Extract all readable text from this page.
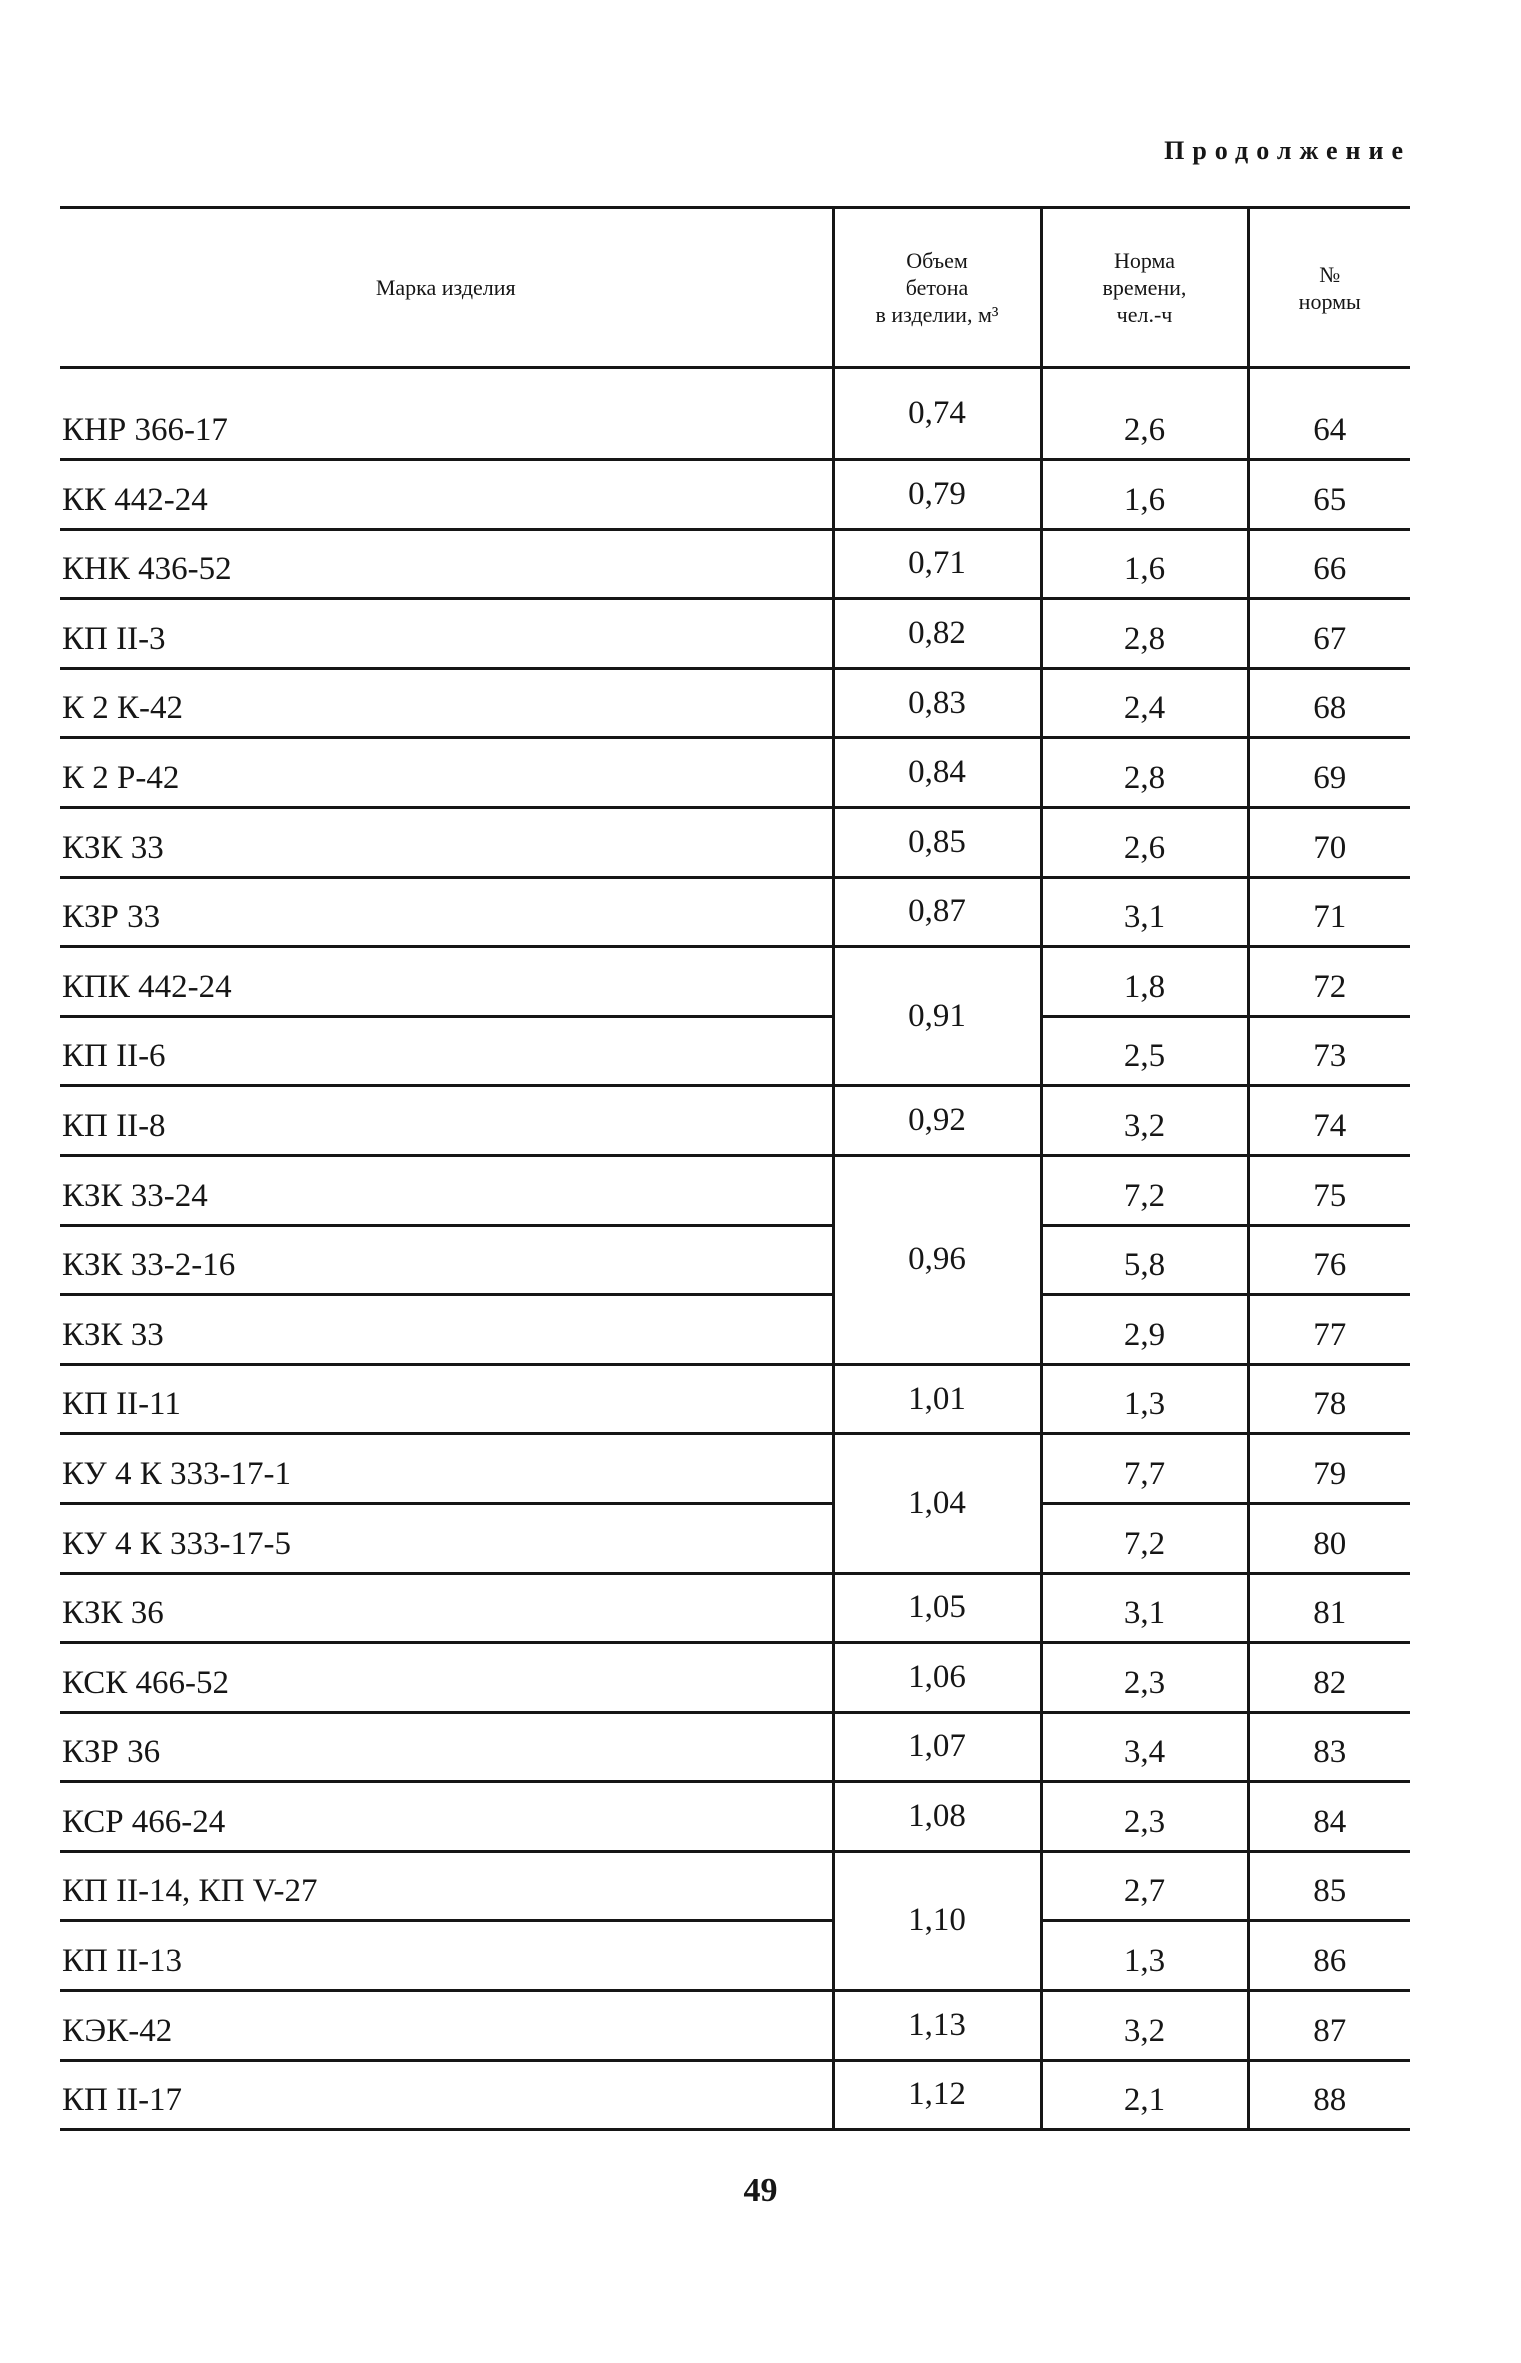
Продолжение
Марка изделия	Объем
бетона
в изделии, м³	Норма
времени,
чел.-ч	№
нормы

КНР 366-17	0,74	2,6	64
КК 442-24	0,79	1,6	65
КНК 436-52	0,71	1,6	66
КП II-3	0,82	2,8	67
К 2 К-42	0,83	2,4	68
К 2 Р-42	0,84	2,8	69
КЗК 33	0,85	2,6	70
КЗР 33	0,87	3,1	71
КПК 442-24	0,91	1,8	72
КП II-6		2,5	73
КП II-8	0,92	3,2	74
КЗК 33-24	0,96	7,2	75
КЗК 33-2-16		5,8	76
КЗК 33		2,9	77
КП II-11	1,01	1,3	78
КУ 4 К 333-17-1	1,04	7,7	79
КУ 4 К 333-17-5		7,2	80
КЗК 36	1,05	3,1	81
КСК 466-52	1,06	2,3	82
КЗР 36	1,07	3,4	83
КСР 466-24	1,08	2,3	84
КП II-14, КП V-27	1,10	2,7	85
КП II-13		1,3	86
КЭК-42	1,13	3,2	87
КП II-17	1,12	2,1	88
49
